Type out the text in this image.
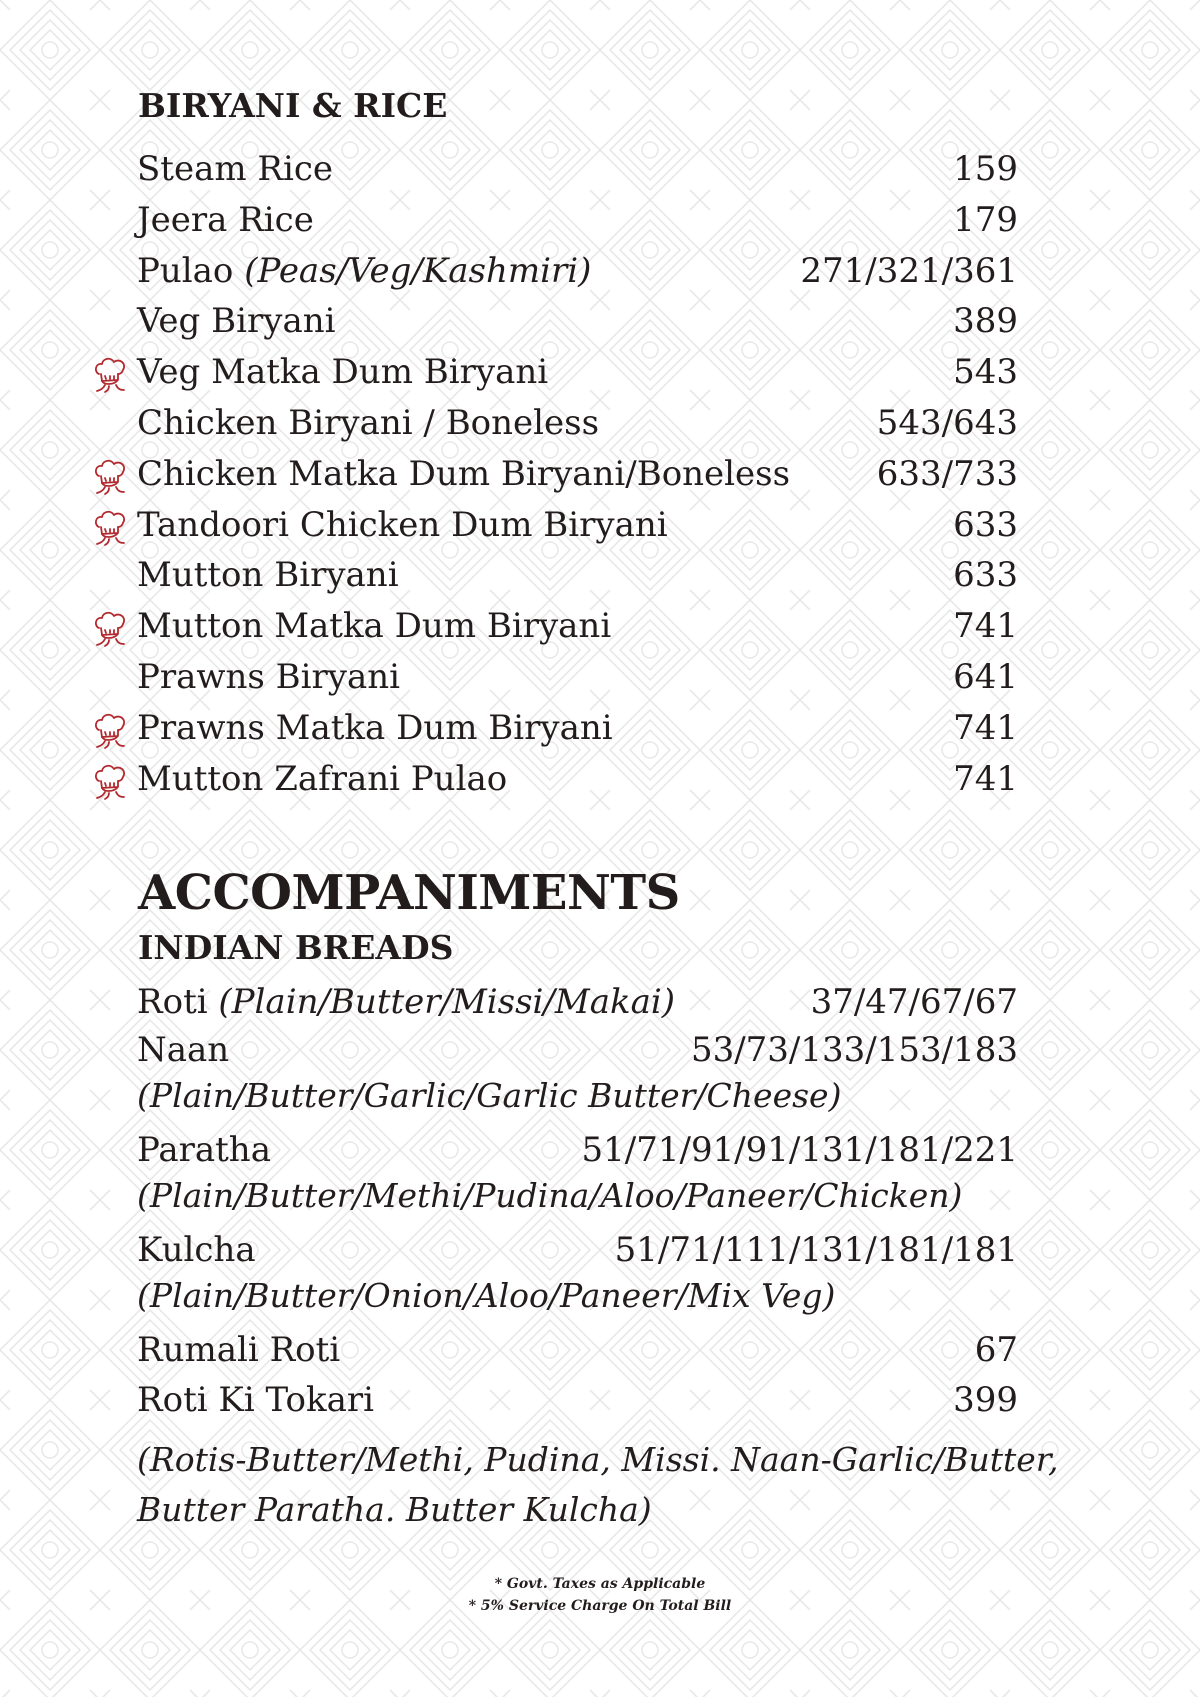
BIRYANI & RICE
Steam Rice	159
Jeera Rice	179
Pulao (Peas/Veg/Kashmiri)	271/321/361
Veg Biryani	389
Veg Matka Dum Biryani	543
Chicken Biryani / Boneless	543/643
Chicken Matka Dum Biryani/Boneless	633/733
Tandoori Chicken Dum Biryani	633
Mutton Biryani	633
Mutton Matka Dum Biryani	741
Prawns Biryani	641
Prawns Matka Dum Biryani	741
Mutton Zafrani Pulao	741
ACCOMPANIMENTS
INDIAN BREADS
Roti (Plain/Butter/Missi/Makai)	37/47/67/67
Naan	53/73/133/153/183
(Plain/Butter/Garlic/Garlic Butter/Cheese)
Paratha	51/71/91/91/131/181/221
(Plain/Butter/Methi/Pudina/Aloo/Paneer/Chicken)
Kulcha	51/71/111/131/181/181
(Plain/Butter/Onion/Aloo/Paneer/Mix Veg)
Rumali Roti	67
Roti Ki Tokari	399
(Rotis-Butter/Methi, Pudina, Missi. Naan-Garlic/Butter,
Butter Paratha. Butter Kulcha)
* Govt. Taxes as Applicable
* 5% Service Charge On Total Bill
